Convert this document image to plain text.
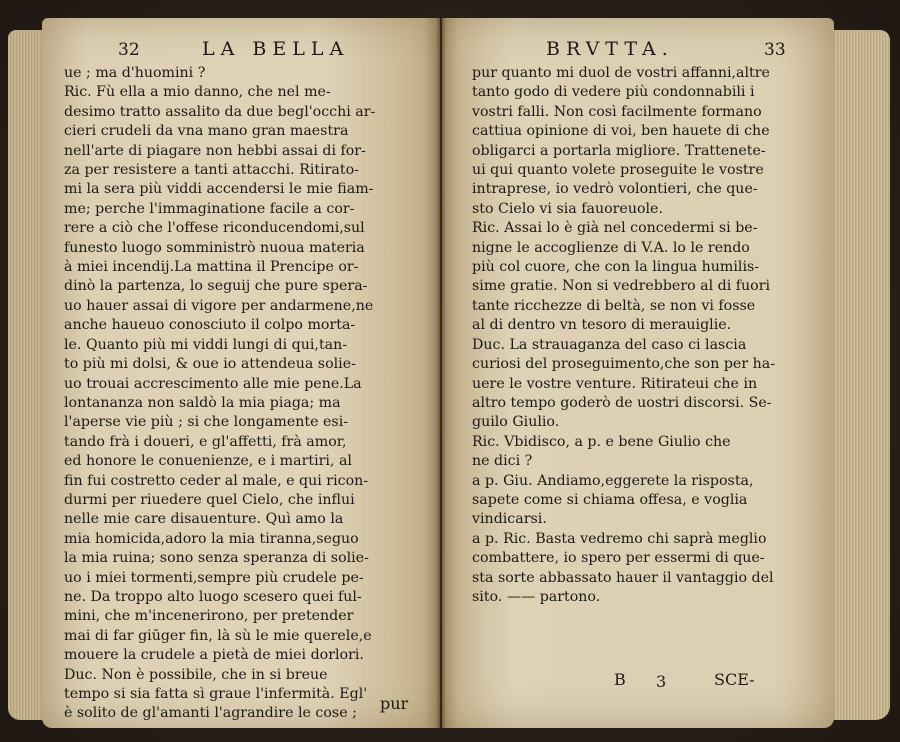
32	LA BELLA
ue ; ma d'huomini ?
Ric. Fù ella a mio danno, che nel me-
desimo tratto assalito da due begl'occhi ar-
cieri crudeli da vna mano gran maestra
nell'arte di piagare non hebbi assai di for-
za per resistere a tanti attacchi. Ritirato-
mi la sera più viddi accendersi le mie fiam-
me; perche l'immaginatione facile a cor-
rere a ciò che l'offese riconducendomi,sul
funesto luogo somministrò nuoua materia
à miei incendij.La mattina il Prencipe or-
dinò la partenza, lo seguij che pure spera-
uo hauer assai di vigore per andarmene,ne
anche haueuo conosciuto il colpo morta-
le. Quanto più mi viddi lungi di qui,tan-
to più mi dolsi, & oue io attendeua solie-
uo trouai accrescimento alle mie pene.La
lontananza non saldò la mia piaga; ma
l'aperse vie più ; si che longamente esi-
tando frà i doueri, e gl'affetti, frà amor,
ed honore le conuenienze, e i martiri, al
fin fui costretto ceder al male, e qui ricon-
durmi per riuedere quel Cielo, che influi
nelle mie care disauenture. Quì amo la
mia homicida,adoro la mia tiranna,seguo
la mia ruina; sono senza speranza di solie-
uo i miei tormenti,sempre più crudele pe-
ne. Da troppo alto luogo scesero quei ful-
mini, che m'incenerirono, per pretender
mai di far giūger fin, là sù le mie querele,e
mouere la crudele a pietà de miei dorlori.
Duc. Non è possibile, che in si breue
tempo si sia fatta sì graue l'infermità. Egl'
è solito de gl'amanti l'agrandire le cose ;
pur
BRVTTA.	33
pur quanto mi duol de vostri affanni,altre
tanto godo di vedere più condonnabili i
vostri falli. Non così facilmente formano
cattiua opinione di voi, ben hauete di che
obligarci a portarla migliore. Trattenete-
ui qui quanto volete proseguite le vostre
intraprese, io vedrò volontieri, che que-
sto Cielo vi sia fauoreuole.
Ric. Assai lo è già nel concedermi si be-
nigne le accoglienze di V.A. lo le rendo
più col cuore, che con la lingua humilis-
sime gratie. Non si vedrebbero al di fuori
tante ricchezze di beltà, se non vi fosse
al di dentro vn tesoro di merauiglie.
Duc. La strauaganza del caso ci lascia
curiosi del proseguimento,che son per ha-
uere le vostre venture. Ritirateui che in
altro tempo goderò de uostri discorsi. Se-
guilo Giulio.
Ric. Vbidisco, a p. e bene Giulio che
ne dici ?
a p. Giu. Andiamo,eggerete la risposta,
sapete come si chiama offesa, e voglia
vindicarsi.
a p. Ric. Basta vedremo chi saprà meglio
combattere, io spero per essermi di que-
sta sorte abbassato hauer il vantaggio del
sito. —— partono.
B 3	SCE-
